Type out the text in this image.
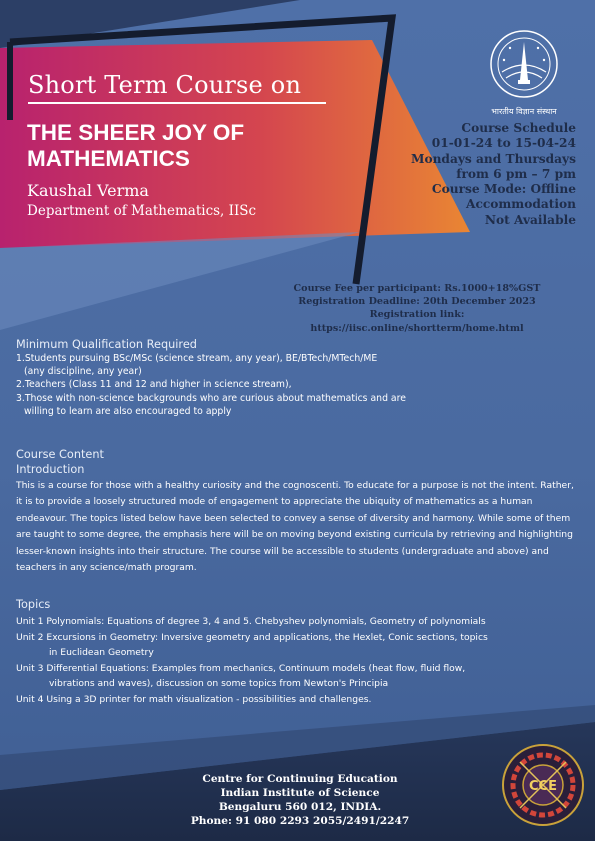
Short Term Course on

THE SHEER JOY OF
MATHEMATICS

Kaushal Verma

Department of Mathematics, IISc

भारतीय विज्ञान संस्थान
Course Schedule
01-01-24 to 15-04-24
Mondays and Thursdays
from 6 pm – 7 pm
Course Mode: Offline
Accommodation
Not Available
Course Fee per participant: Rs.1000+18%GST
Registration Deadline: 20th December 2023
Registration link:
https://iisc.online/shortterm/home.html
Minimum Qualification Required
1.Students pursuing BSc/MSc (science stream, any year), BE/BTech/MTech/ME
(any discipline, any year)
2.Teachers (Class 11 and 12 and higher in science stream),
3.Those with non-science backgrounds who are curious about mathematics and are
willing to learn are also encouraged to apply
Course Content
Introduction

This is a course for those with a healthy curiosity and the cognoscenti. To educate for a purpose is not the intent. Rather, it is to provide a loosely structured mode of engagement to appreciate the ubiquity of mathematics as a human endeavour. The topics listed below have been selected to convey a sense of diversity and harmony. While some of them are taught to some degree, the emphasis here will be on moving beyond existing curricula by retrieving and highlighting lesser-known insights into their structure. The course will be accessible to students (undergraduate and above) and teachers in any science/math program.

Topics
Unit 1 Polynomials: Equations of degree 3, 4 and 5. Chebyshev polynomials, Geometry of polynomials
Unit 2 Excursions in Geometry: Inversive geometry and applications, the Hexlet, Conic sections, topics
in Euclidean Geometry
Unit 3 Differential Equations: Examples from mechanics, Continuum models (heat flow, fluid flow,
vibrations and waves), discussion on some topics from Newton's Principia
Unit 4 Using a 3D printer for math visualization - possibilities and challenges.
Centre for Continuing Education
Indian Institute of Science
Bengaluru 560 012, INDIA.
Phone: 91 080 2293 2055/2491/2247
CCE
